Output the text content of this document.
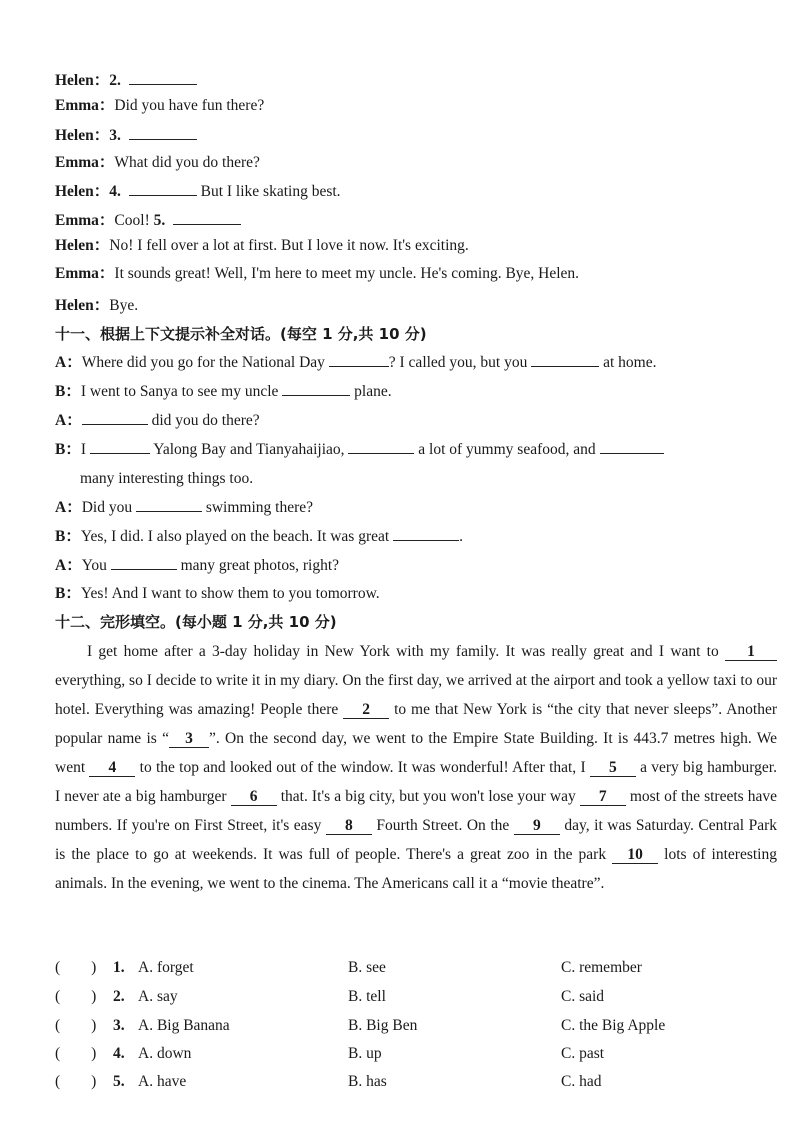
Helen：2.
Emma：Did you have fun there?
Helen：3.
Emma：What did you do there?
Helen：4.	But I like skating best.
Emma：Cool! 5.
Helen：No! I fell over a lot at first. But I love it now. It's exciting.
Emma：It sounds great! Well, I'm here to meet my uncle. He's coming. Bye, Helen.
Helen：Bye.
十一、根据上下文提示补全对话。(每空 1 分,共 10 分)
A：Where did you go for the National Day	? I called you, but you	at home.
B：I went to Sanya to see my uncle	plane.
A：	did you do there?
B：I	Yalong Bay and Tianyahaijiao,	a lot of yummy seafood, and
many interesting things too.
A：Did you	swimming there?
B：Yes, I did. I also played on the beach. It was great	.
A：You	many great photos, right?
B：Yes! And I want to show them to you tomorrow.
十二、完形填空。(每小题 1 分,共 10 分)
I get home after a 3-day holiday in New York with my family. It was really great and I want to 1 everything, so I decide to write it in my diary. On the first day, we arrived at the airport and took a yellow taxi to our hotel. Everything was amazing! People there 2 to me that New York is “the city that never sleeps”. Another popular name is “ 3 ”. On the second day, we went to the Empire State Building. It is 443.7 metres high. We went 4 to the top and looked out of the window. It was wonderful! After that, I 5 a very big hamburger. I never ate a big hamburger 6 that. It's a big city, but you won't lose your way 7 most of the streets have numbers. If you're on First Street, it's easy 8 Fourth Street. On the 9 day, it was Saturday. Central Park is the place to go at weekends. It was full of people. There's a great zoo in the park 10 lots of interesting animals. In the evening, we went to the cinema. The Americans call it a “movie theatre”.
(　　) 1. A. forget	B. see	C. remember
(　　) 2. A. say	B. tell	C. said
(　　) 3. A. Big Banana	B. Big Ben	C. the Big Apple
(　　) 4. A. down	B. up	C. past
(　　) 5. A. have	B. has	C. had
